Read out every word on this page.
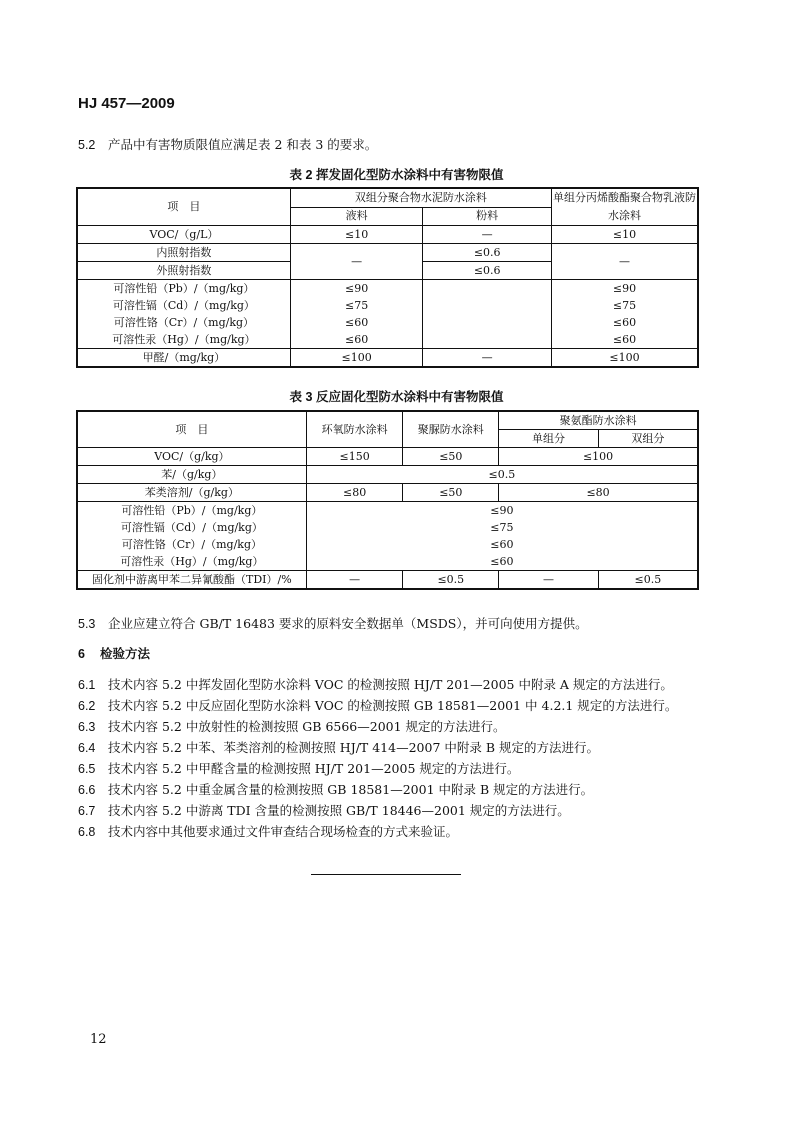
HJ 457—2009
5.2 产品中有害物质限值应满足表 2 和表 3 的要求。
表 2 挥发固化型防水涂料中有害物限值
项　目	双组分聚合物水泥防水涂料		单组分丙烯酸酯聚合物乳液防水涂料
	液料	粉料	
VOC/（g/L）	≤10	—	≤10
内照射指数	—	≤0.6	—
外照射指数		≤0.6	
可溶性铅（Pb）/（mg/kg）	≤90		≤90
可溶性镉（Cd）/（mg/kg）	≤75		≤75
可溶性铬（Cr）/（mg/kg）	≤60		≤60
可溶性汞（Hg）/（mg/kg）	≤60		≤60
甲醛/（mg/kg）	≤100	—	≤100
表 3 反应固化型防水涂料中有害物限值
项　目	环氧防水涂料	聚脲防水涂料	聚氨酯防水涂料	
			单组分	双组分
VOC/（g/kg）	≤150	≤50	≤100	
苯/（g/kg）	≤0.5			
苯类溶剂/（g/kg）	≤80	≤50	≤80	
可溶性铅（Pb）/（mg/kg）	≤90			
可溶性镉（Cd）/（mg/kg）	≤75			
可溶性铬（Cr）/（mg/kg）	≤60			
可溶性汞（Hg）/（mg/kg）	≤60			
固化剂中游离甲苯二异氰酸酯（TDI）/%	—	≤0.5	—	≤0.5
5.3 企业应建立符合 GB/T 16483 要求的原料安全数据单（MSDS），并可向使用方提供。
6 检验方法
6.1 技术内容 5.2 中挥发固化型防水涂料 VOC 的检测按照 HJ/T 201—2005 中附录 A 规定的方法进行。
6.2 技术内容 5.2 中反应固化型防水涂料 VOC 的检测按照 GB 18581—2001 中 4.2.1 规定的方法进行。
6.3 技术内容 5.2 中放射性的检测按照 GB 6566—2001 规定的方法进行。
6.4 技术内容 5.2 中苯、苯类溶剂的检测按照 HJ/T 414—2007 中附录 B 规定的方法进行。
6.5 技术内容 5.2 中甲醛含量的检测按照 HJ/T 201—2005 规定的方法进行。
6.6 技术内容 5.2 中重金属含量的检测按照 GB 18581—2001 中附录 B 规定的方法进行。
6.7 技术内容 5.2 中游离 TDI 含量的检测按照 GB/T 18446—2001 规定的方法进行。
6.8 技术内容中其他要求通过文件审查结合现场检查的方式来验证。
12
